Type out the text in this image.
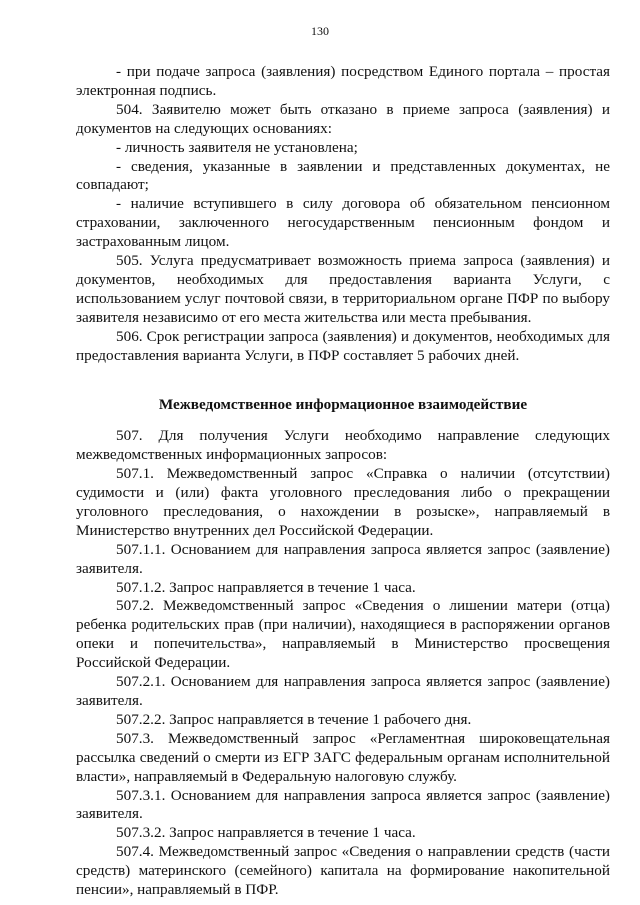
130

- при подаче запроса (заявления) посредством Единого портала – простая электронная подпись.

504. Заявителю может быть отказано в приеме запроса (заявления) и документов на следующих основаниях:

- личность заявителя не установлена;

- сведения, указанные в заявлении и представленных документах, не совпадают;

- наличие вступившего в силу договора об обязательном пенсионном страховании, заключенного негосударственным пенсионным фондом и застрахованным лицом.

505. Услуга предусматривает возможность приема запроса (заявления) и документов, необходимых для предоставления варианта Услуги, с использованием услуг почтовой связи, в территориальном органе ПФР по выбору заявителя независимо от его места жительства или места пребывания.

506. Срок регистрации запроса (заявления) и документов, необходимых для предоставления варианта Услуги, в ПФР составляет 5 рабочих дней.

Межведомственное информационное взаимодействие

507. Для получения Услуги необходимо направление следующих межведомственных информационных запросов:

507.1. Межведомственный запрос «Справка о наличии (отсутствии) судимости и (или) факта уголовного преследования либо о прекращении уголовного преследования, о нахождении в розыске», направляемый в Министерство внутренних дел Российской Федерации.

507.1.1. Основанием для направления запроса является запрос (заявление) заявителя.

507.1.2. Запрос направляется в течение 1 часа.

507.2. Межведомственный запрос «Сведения о лишении матери (отца) ребенка родительских прав (при наличии), находящиеся в распоряжении органов опеки и попечительства», направляемый в Министерство просвещения Российской Федерации.

507.2.1. Основанием для направления запроса является запрос (заявление) заявителя.

507.2.2. Запрос направляется в течение 1 рабочего дня.

507.3. Межведомственный запрос «Регламентная широковещательная рассылка сведений о смерти из ЕГР ЗАГС федеральным органам исполнительной власти», направляемый в Федеральную налоговую службу.

507.3.1. Основанием для направления запроса является запрос (заявление) заявителя.

507.3.2. Запрос направляется в течение 1 часа.

507.4. Межведомственный запрос «Сведения о направлении средств (части средств) материнского (семейного) капитала на формирование накопительной пенсии», направляемый в ПФР.
